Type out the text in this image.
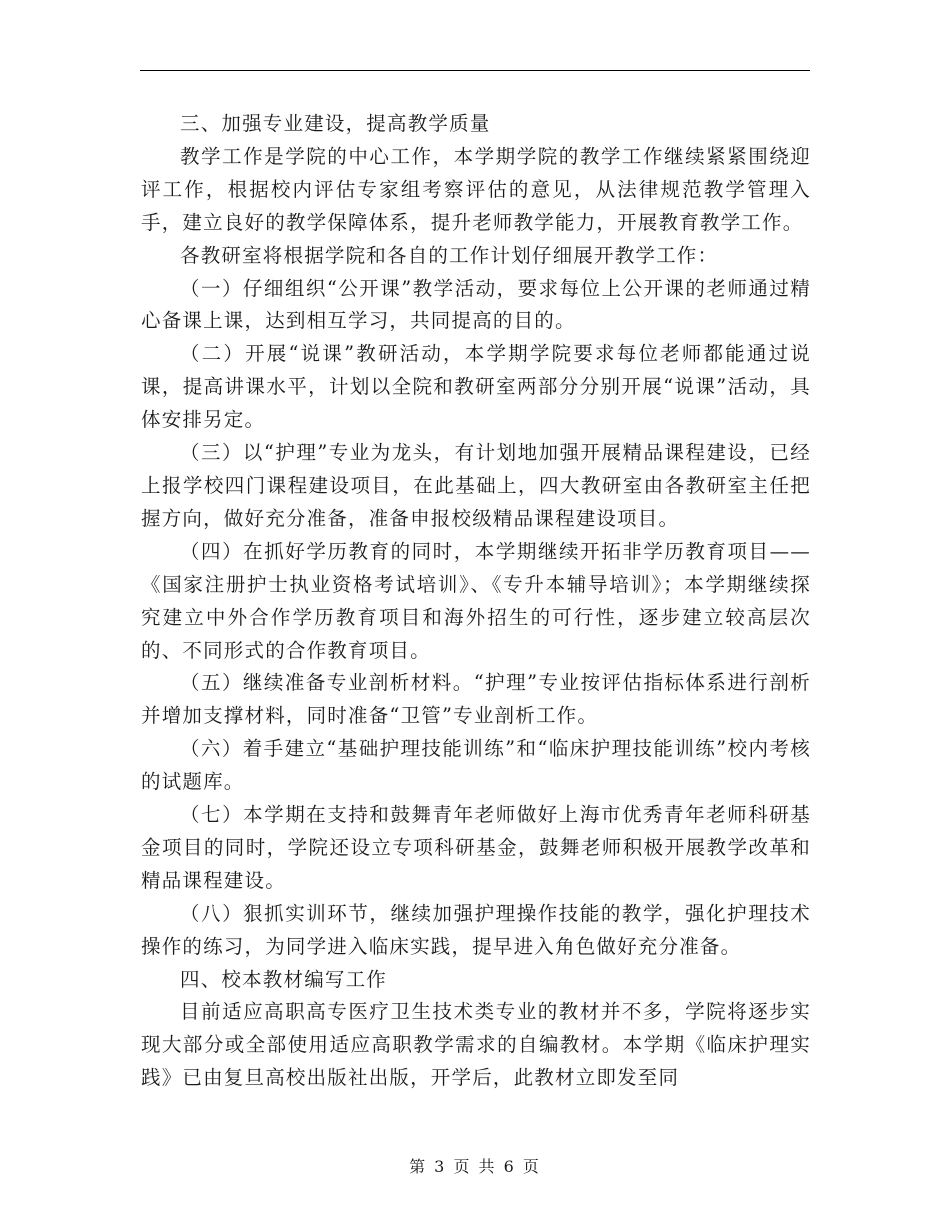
三、加强专业建设，提高教学质量

教学工作是学院的中心工作，本学期学院的教学工作继续紧紧围绕迎评工作，根据校内评估专家组考察评估的意见，从法律规范教学管理入手，建立良好的教学保障体系，提升老师教学能力，开展教育教学工作。

各教研室将根据学院和各自的工作计划仔细展开教学工作：

（一）仔细组织“公开课”教学活动，要求每位上公开课的老师通过精心备课上课，达到相互学习，共同提高的目的。

（二）开展“说课”教研活动，本学期学院要求每位老师都能通过说课，提高讲课水平，计划以全院和教研室两部分分别开展“说课”活动，具体安排另定。

（三）以“护理”专业为龙头，有计划地加强开展精品课程建设，已经上报学校四门课程建设项目，在此基础上，四大教研室由各教研室主任把握方向，做好充分准备，准备申报校级精品课程建设项目。

（四）在抓好学历教育的同时，本学期继续开拓非学历教育项目——《国家注册护士执业资格考试培训》、《专升本辅导培训》；本学期继续探究建立中外合作学历教育项目和海外招生的可行性，逐步建立较高层次的、不同形式的合作教育项目。

（五）继续准备专业剖析材料。“护理”专业按评估指标体系进行剖析并增加支撑材料，同时准备“卫管”专业剖析工作。

（六）着手建立“基础护理技能训练”和“临床护理技能训练”校内考核的试题库。

（七）本学期在支持和鼓舞青年老师做好上海市优秀青年老师科研基金项目的同时，学院还设立专项科研基金，鼓舞老师积极开展教学改革和精品课程建设。

（八）狠抓实训环节，继续加强护理操作技能的教学，强化护理技术操作的练习，为同学进入临床实践，提早进入角色做好充分准备。

四、校本教材编写工作

目前适应高职高专医疗卫生技术类专业的教材并不多，学院将逐步实现大部分或全部使用适应高职教学需求的自编教材。本学期《临床护理实践》已由复旦高校出版社出版，开学后，此教材立即发至同

第 3 页 共 6 页
